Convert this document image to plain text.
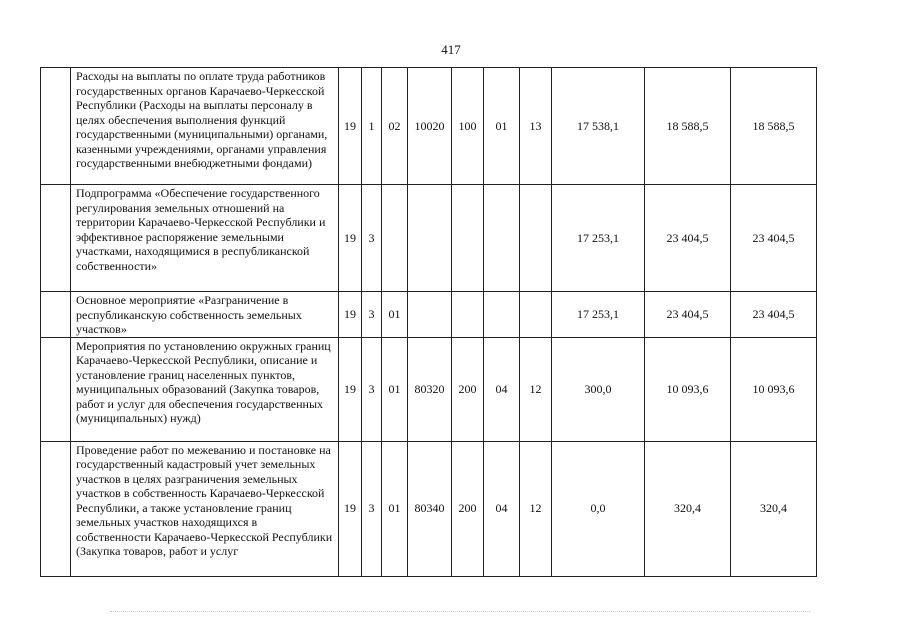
417
	Расходы на выплаты по оплате труда работников государственных органов Карачаево-Черкесской Республики (Расходы на выплаты персоналу в целях обеспечения выполнения функций государственными (муниципальными) органами, казенными учреждениями, органами управления государственными внебюджетными фондами)	19	1	02	10020	100	01	13	17 538,1	18 588,5	18 588,5
	Подпрограмма «Обеспечение государственного регулирования земельных отношений на территории Карачаево-Черкесской Республики и эффективное распоряжение земельными участками, находящимися в республиканской собственности»	19	3						17 253,1	23 404,5	23 404,5
	Основное мероприятие «Разграничение в республиканскую собственность земельных участков»	19	3	01					17 253,1	23 404,5	23 404,5
	Мероприятия по установлению окружных границ Карачаево-Черкесской Республики, описание и установление границ населенных пунктов, муниципальных образований (Закупка товаров, работ и услуг для обеспечения государственных (муниципальных) нужд)	19	3	01	80320	200	04	12	300,0	10 093,6	10 093,6
	Проведение работ по межеванию и постановке на государственный кадастровый учет земельных участков в целях разграничения земельных участков в собственность Карачаево-Черкесской Республики, а также установление границ земельных участков находящихся в собственности Карачаево-Черкесской Республики (Закупка товаров, работ и услуг	19	3	01	80340	200	04	12	0,0	320,4	320,4
